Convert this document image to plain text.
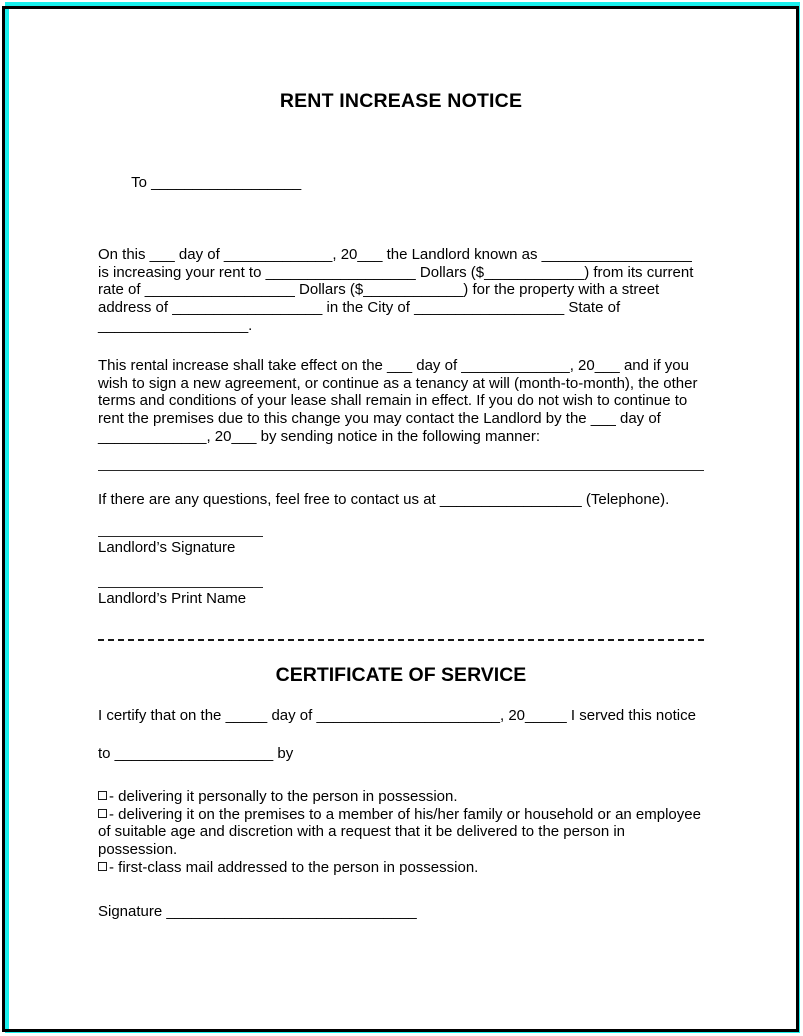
RENT INCREASE NOTICE

To __________________

On this ___ day of _____________, 20___ the Landlord known as __________________ is increasing your rent to __________________ Dollars ($____________) from its current rate of __________________ Dollars ($____________) for the property with a street address of __________________ in the City of __________________ State of __________________.

This rental increase shall take effect on the ___ day of _____________, 20___ and if you wish to sign a new agreement, or continue as a tenancy at will (month-to-month), the other terms and conditions of your lease shall remain in effect. If you do not wish to continue to rent the premises due to this change you may contact the Landlord by the ___ day of _____________, 20___ by sending notice in the following manner:

If there are any questions, feel free to contact us at _________________ (Telephone).
Landlord’s Signature
Landlord’s Print Name
CERTIFICATE OF SERVICE
I certify that on the _____ day of ______________________, 20_____ I served this notice
to ___________________ by

- delivering it personally to the person in possession.

- delivering it on the premises to a member of his/her family or household or an employee of suitable age and discretion with a request that it be delivered to the person in possession.

- first-class mail addressed to the person in possession.

Signature ______________________________
